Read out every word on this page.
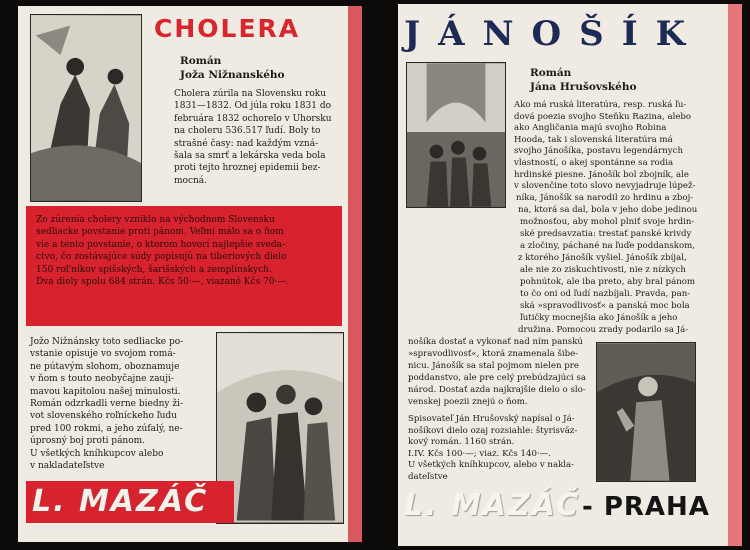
CHOLERA
Román
Joža Nižnanského
Cholera zúrila na Slovensku roku
1831—1832. Od júla roku 1831 do
februára 1832 ochorelo v Uhorsku
na choleru 536.517 ľudí. Boly to
strašné časy: nad každým vzná-
šala sa smrť a lekárska veda bola
proti tejto hroznej epidemii bez-
mocná.
Zo zúrenia cholery vzniklo na východnom Slovensku
sedliacke povstanie proti pánom. Veľmi málo sa o ňom
vie a tento povstanie, o ktorom hovorí najlepšie sveda-
ctvo, čo zostávajúce súdy popisujú na tiberiových dielo
150 rol'níkov spišských, šarišských a zemplínskych.
Dva diely spolu 684 strán. Kčs 50·—, viazané Kčs 70·—.
Jožo Nižnánsky toto sedliacke po-
vstanie opisuje vo svojom romá-
ne pútavým slohom, oboznamuje
v ňom s touto neobyčajne zauji-
mavou kapitolou našej minulosti.
Román odzrkadli verne biedny ži-
vot slovenského roľníckeho ľudu
pred 100 rokmi, a jeho zúfalý, ne-
úprosný boj proti pánom.
U všetkých kníhkupcov alebo
v nakladateľstve
L. MAZÁČ
JÁNOŠÍK
Román
Jána Hrušovského
Ako má ruská literatúra, resp. ruská ľu-
dová poezia svojho Steňku Razina, alebo
ako Angličania majú svojho Robina
Hooda, tak i slovenská literatúra má
svojho Jánošíka, postavu legendárnych
vlastností, o akej spontánne sa rodia
hrdinské piesne. Jánošík bol zbojník, ale
v slovenčine toto slovo nevyjadruje lúpež-
níka, Jánošík sa narodil zo hrdinu a zboj-
na, ktorá sa dal, bola v jeho dobe jedinou
možnosťou, aby mohol plniť svoje hrdin-
ské predsavzatia: trestať panské krivdy
a zločiny, páchané na ľuďe poddanskom,
z ktorého Jánošík vyšiel. Jánošík zbíjal,
ale nie zo ziskuchtivosti, nie z nízkych
pohnútok, ale iba preto, aby bral pánom
to čo oni od ľudí nazbíjali. Pravda, pan-
ská »spravodlivosť« a panská moc bola
ľutičky mocnejšia ako Jánošík a jeho
družina. Pomocou zrady podarilo sa Já-
nošíka dostať a vykonať nad ním panskú
»spravodlivosť«, ktorá znamenala šibe-
nicu. Jánošík sa stal pojmom nielen pre
poddanstvo, ale pre celý prebúdzajúci sa
národ. Dostať azda najkrajšie dielo o slo-
venskej poezii znejú o ňom.
Spisovateľ Ján Hrušovský napísal o Já-
nošíkovi dielo ozaj rozsiahle: štyrisväz-
kový román. 1160 strán.
I.IV. Kčs 100·—; viaz. Kčs 140·—.
U všetkých kníhkupcov, alebo v nakla-
dateľstve
L. MAZÁČ - PRAHA
